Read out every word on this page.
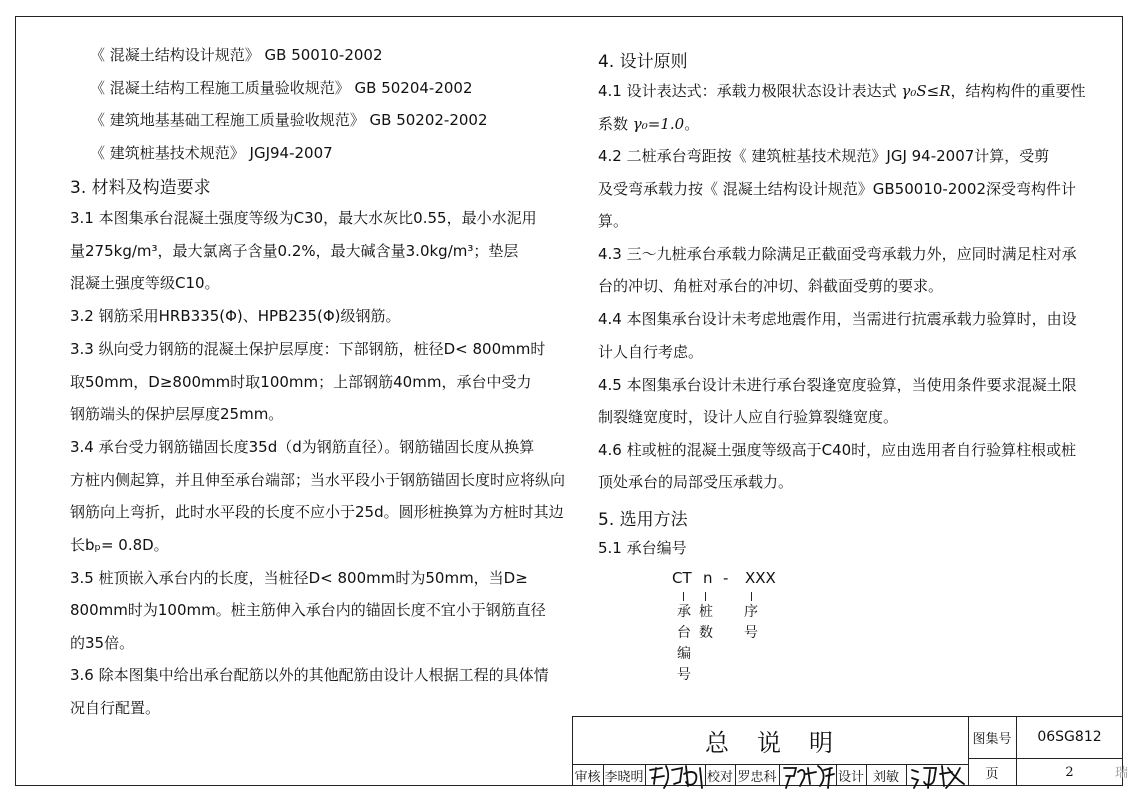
《 混凝土结构设计规范》 GB 50010-2002
《 混凝土结构工程施工质量验收规范》 GB 50204-2002
《 建筑地基基础工程施工质量验收规范》 GB 50202-2002
《 建筑桩基技术规范》 JGJ94-2007
3. 材料及构造要求
3.1 本图集承台混凝土强度等级为C30，最大水灰比0.55，最小水泥用
量275kg/m³，最大氯离子含量0.2%，最大碱含量3.0kg/m³；垫层
混凝土强度等级C10。
3.2 钢筋采用HRB335(Φ)、HPB235(Φ)级钢筋。
3.3 纵向受力钢筋的混凝土保护层厚度：下部钢筋，桩径D< 800mm时
取50mm，D≥800mm时取100mm；上部钢筋40mm，承台中受力
钢筋端头的保护层厚度25mm。
3.4 承台受力钢筋锚固长度35d（d为钢筋直径）。钢筋锚固长度从换算
方桩内侧起算，并且伸至承台端部；当水平段小于钢筋锚固长度时应将纵向
钢筋向上弯折，此时水平段的长度不应小于25d。圆形桩换算为方桩时其边
长bₚ= 0.8D。
3.5 桩顶嵌入承台内的长度，当桩径D< 800mm时为50mm，当D≥
800mm时为100mm。桩主筋伸入承台内的锚固长度不宜小于钢筋直径
的35倍。
3.6 除本图集中给出承台配筋以外的其他配筋由设计人根据工程的具体情
况自行配置。
4. 设计原则
4.1 设计表达式：承载力极限状态设计表达式 γ₀S≤R，结构构件的重要性
系数 γ₀=1.0。
4.2 二桩承台弯距按《 建筑桩基技术规范》JGJ 94-2007计算，受剪
及受弯承载力按《 混凝土结构设计规范》GB50010-2002深受弯构件计
算。
4.3 三～九桩承台承载力除满足正截面受弯承载力外，应同时满足柱对承
台的冲切、角桩对承台的冲切、斜截面受剪的要求。
4.4 本图集承台设计未考虑地震作用，当需进行抗震承载力验算时，由设
计人自行考虑。
4.5 本图集承台设计未进行承台裂逢宽度验算，当使用条件要求混凝土限
制裂缝宽度时，设计人应自行验算裂缝宽度。
4.6 柱或桩的混凝土强度等级高于C40时，应由选用者自行验算柱根或桩
顶处承台的局部受压承载力。
5. 选用方法
5.1 承台编号
CT n - XXX
承台编号
桩数
序号
总　说　明	图集号	06SG812
页	2
审核 李晓明	校对 罗忠科	设计 刘敏	瑞
